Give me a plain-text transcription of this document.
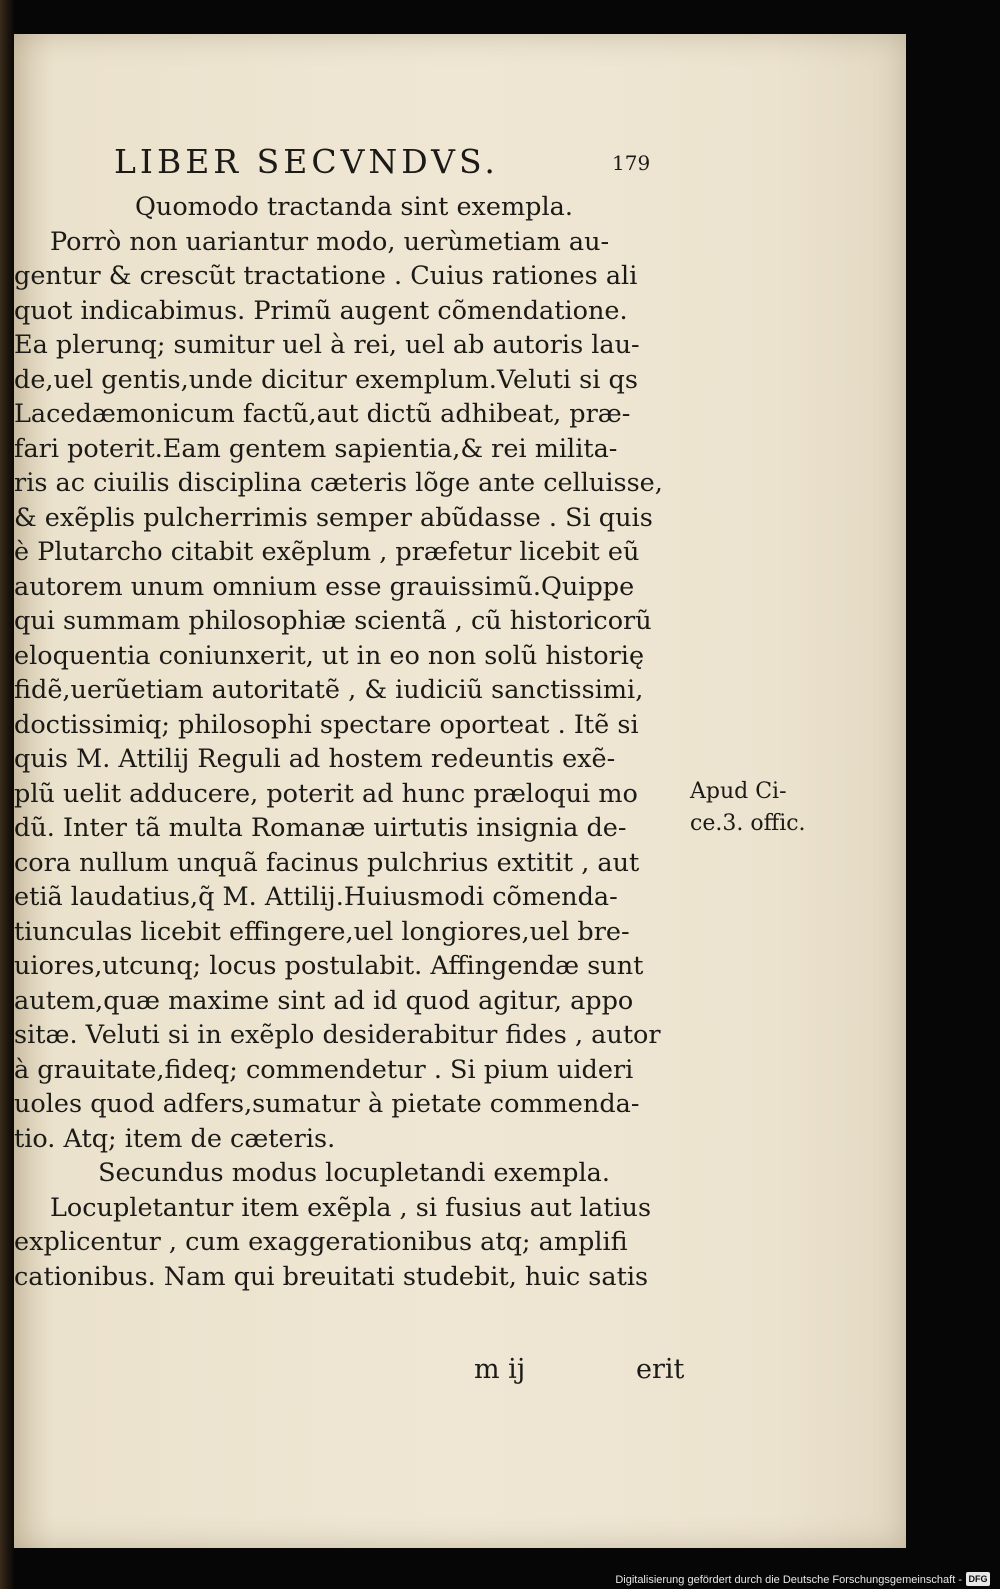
LIBER SECVNDVS.	179
Quomodo tractanda sint exempla.
Porrò non uariantur modo, uerùmetiam au-
gentur & crescũt tractatione . Cuius rationes ali
quot indicabimus. Primũ augent cõmendatione.
Ea plerunq; sumitur uel à rei, uel ab autoris lau-
de,uel gentis,unde dicitur exemplum.Veluti si qs
Lacedæmonicum factũ,aut dictũ adhibeat, præ-
fari poterit.Eam gentem sapientia,& rei milita-
ris ac ciuilis disciplina cæteris lõge ante celluisse,
& exẽplis pulcherrimis semper abũdasse . Si quis
è Plutarcho citabit exẽplum , præfetur licebit eũ
autorem unum omnium esse grauissimũ.Quippe
qui summam philosophiæ scientã , cũ historicorũ
eloquentia coniunxerit, ut in eo non solũ historię
fidẽ,uerũetiam autoritatẽ , & iudiciũ sanctissimi,
doctissimiq; philosophi spectare oporteat . Itẽ si
quis M. Attilij Reguli ad hostem redeuntis exẽ-
plũ uelit adducere, poterit ad hunc præloqui mo
dũ. Inter tã multa Romanæ uirtutis insignia de-
cora nullum unquã facinus pulchrius extitit , aut
etiã laudatius,q̃ M. Attilij.Huiusmodi cõmenda-
tiunculas licebit effingere,uel longiores,uel bre-
uiores,utcunq; locus postulabit. Affingendæ sunt
autem,quæ maxime sint ad id quod agitur, appo
sitæ. Veluti si in exẽplo desiderabitur fides , autor
à grauitate,fideq; commendetur . Si pium uideri
uoles quod adfers,sumatur à pietate commenda-
tio. Atq; item de cæteris.
Secundus modus locupletandi exempla.
Locupletantur item exẽpla , si fusius aut latius
explicentur , cum exaggerationibus atq; amplifi
cationibus. Nam qui breuitati studebit, huic satis
m ij	erit
Apud Ci-
ce.3. offic.
Digitalisierung gefördert durch die Deutsche Forschungsgemeinschaft - DFG
